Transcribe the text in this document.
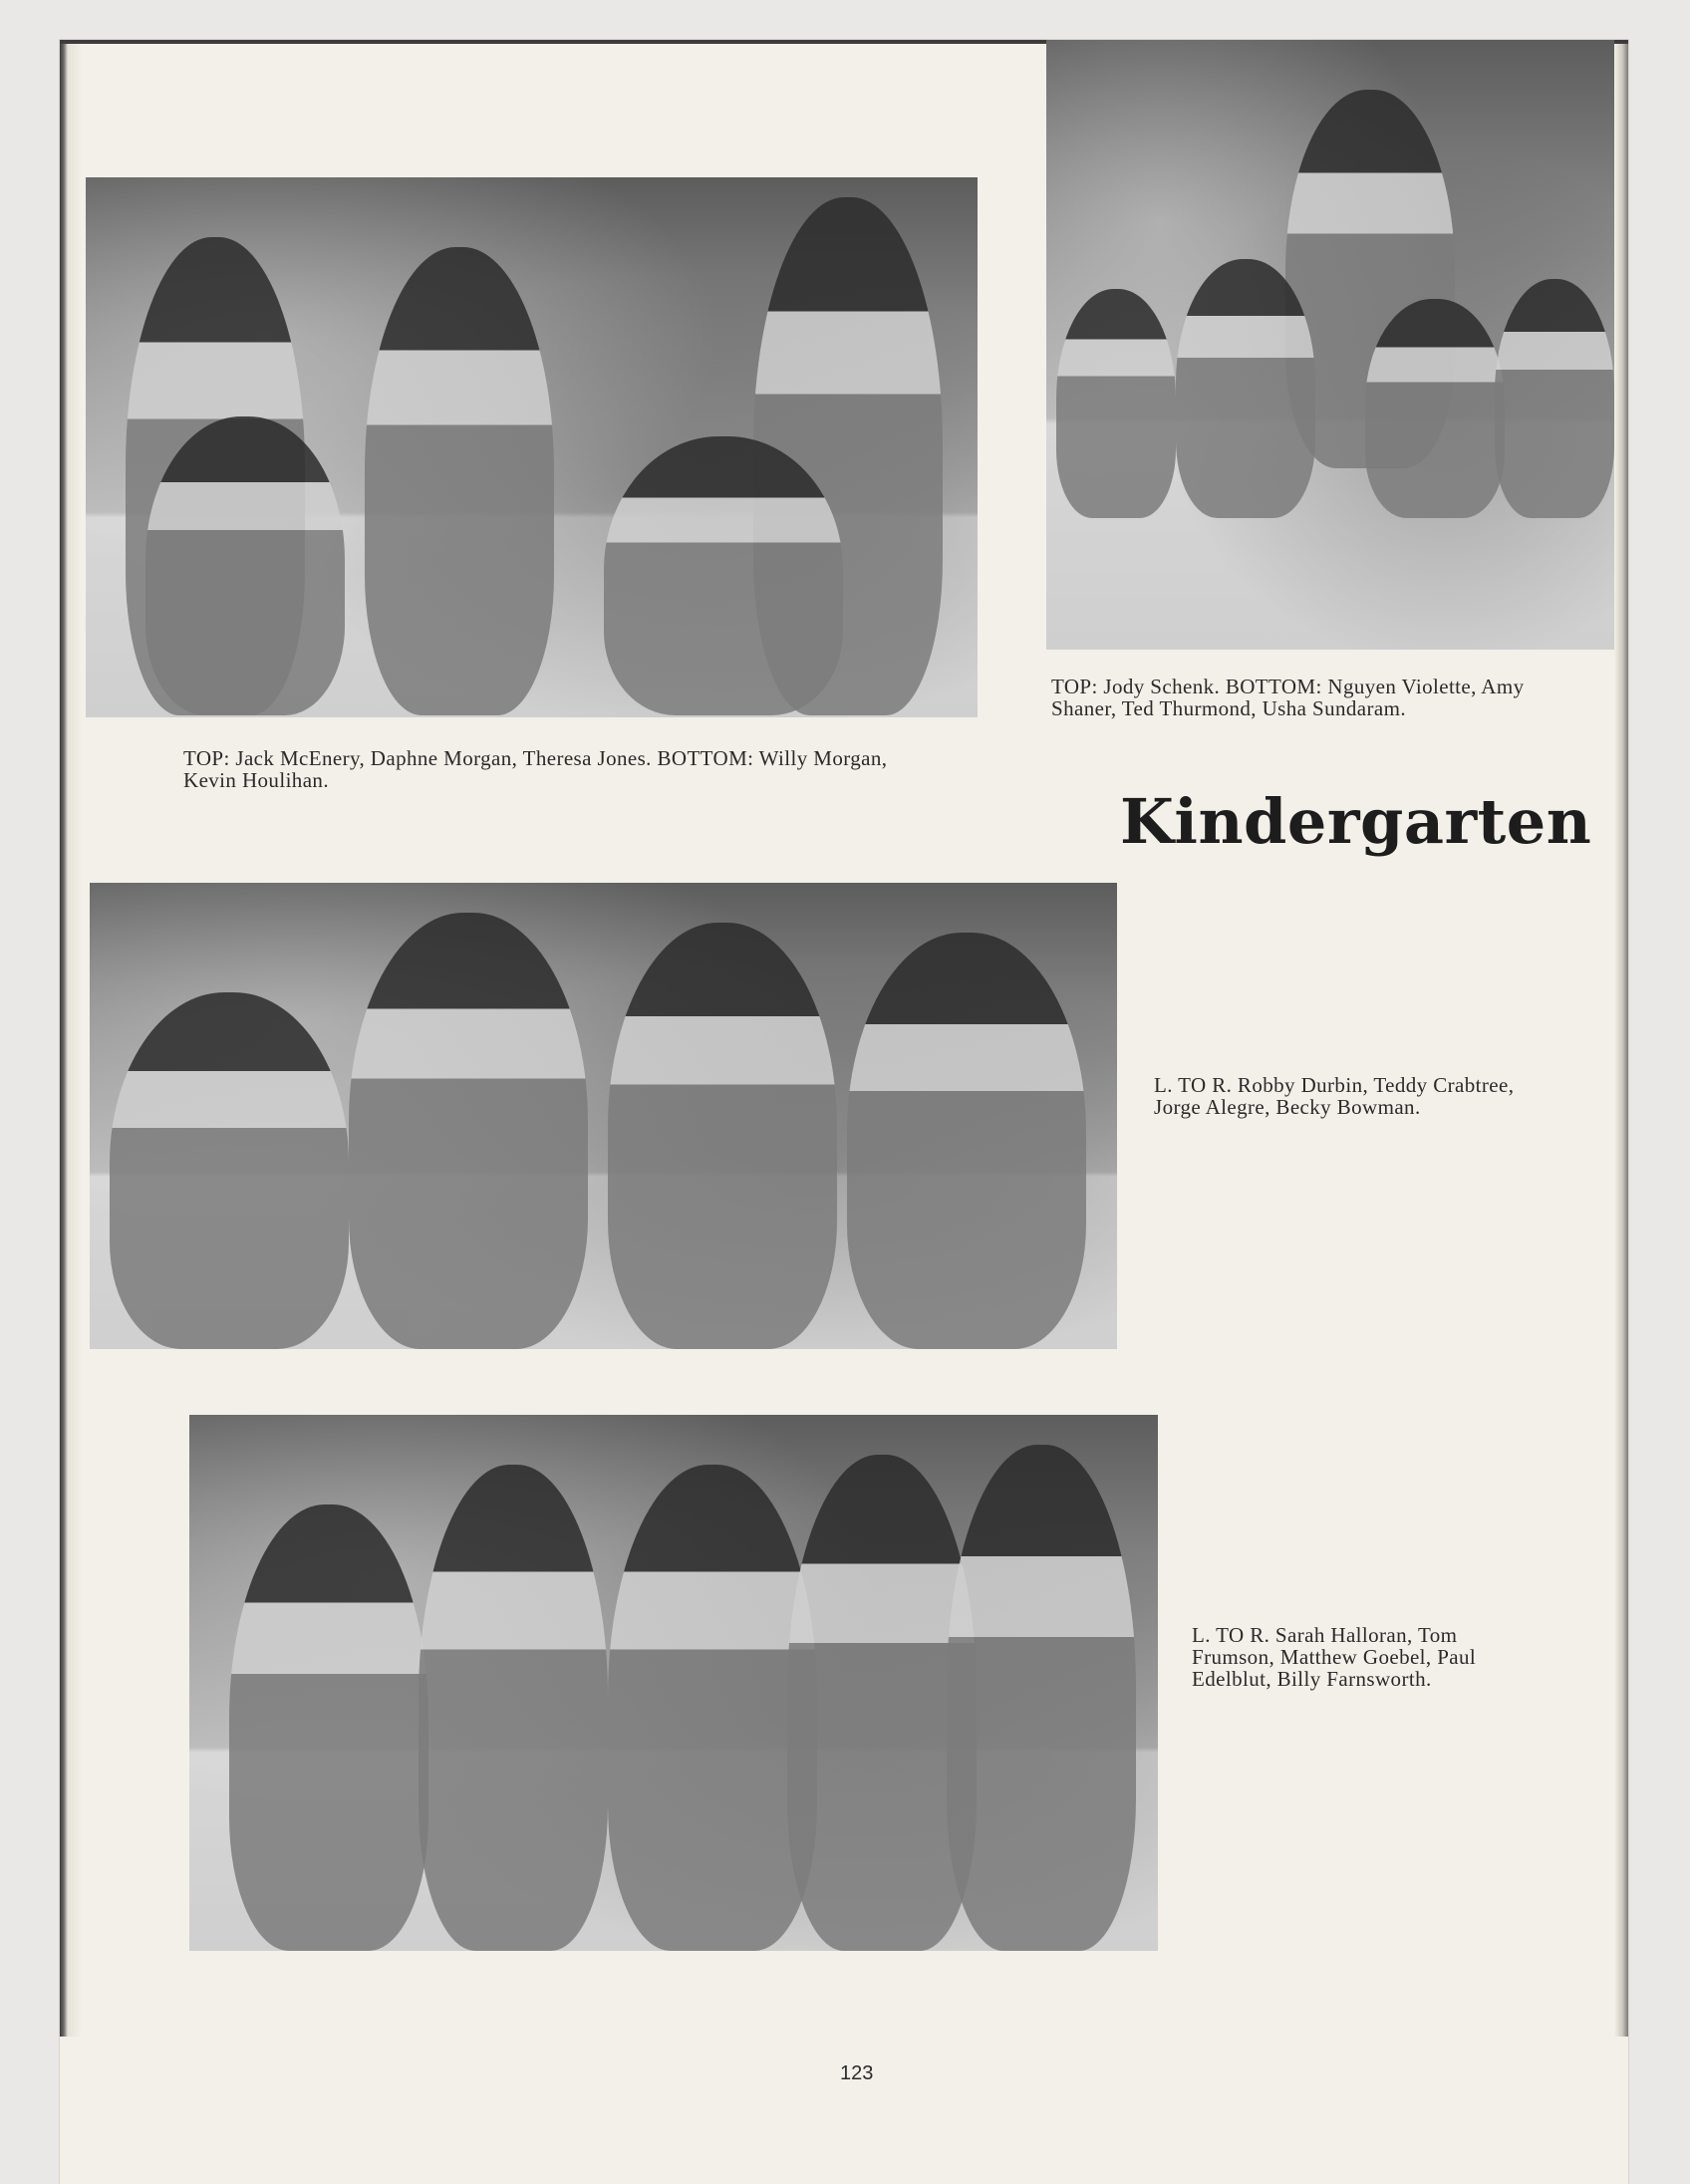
TOP: Jack McEnery, Daphne Morgan, Theresa Jones. BOTTOM: Willy Morgan, Kevin Houlihan.
TOP: Jody Schenk. BOTTOM: Nguyen Violette, Amy Shaner, Ted Thurmond, Usha Sundaram.
Kindergarten
L. TO R. Robby Durbin, Teddy Crabtree, Jorge Alegre, Becky Bowman.
L. TO R. Sarah Halloran, Tom Frumson, Matthew Goebel, Paul Edelblut, Billy Farnsworth.
123
